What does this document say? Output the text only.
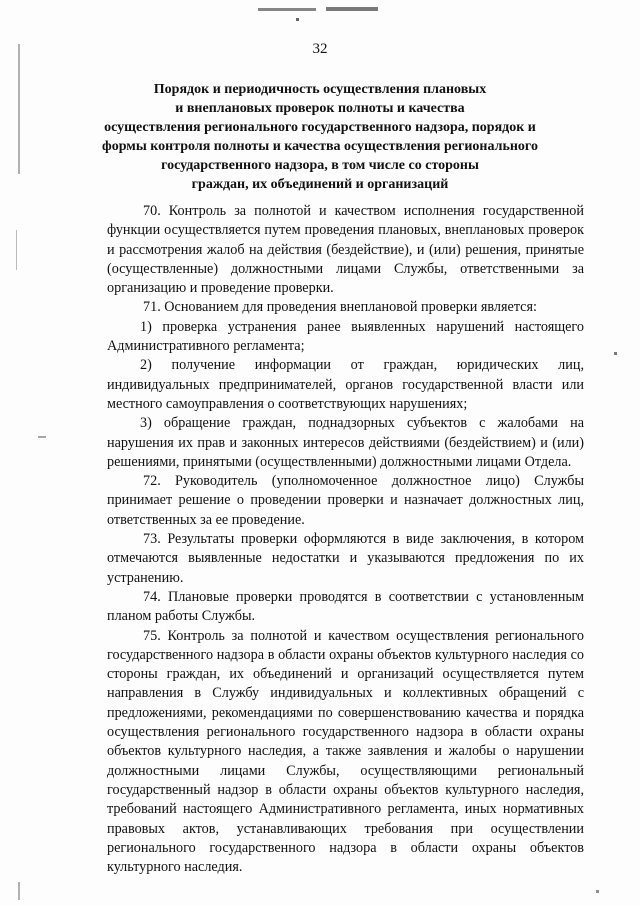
32
Порядок и периодичность осуществления плановых
и внеплановых проверок полноты и качества
осуществления регионального государственного надзора, порядок и
формы контроля полноты и качества осуществления регионального
государственного надзора, в том числе со стороны
граждан, их объединений и организаций

70. Контроль за полнотой и качеством исполнения государственной функции осуществляется путем проведения плановых, внеплановых проверок и рассмотрения жалоб на действия (бездействие), и (или) решения, принятые (осуществленные) должностными лицами Службы, ответственными за организацию и проведение проверки.

71. Основанием для проведения внеплановой проверки является:

1) проверка устранения ранее выявленных нарушений настоящего Административного регламента;

2) получение информации от граждан, юридических лиц, индивидуальных предпринимателей, органов государственной власти или местного самоуправления о соответствующих нарушениях;

3) обращение граждан, поднадзорных субъектов с жалобами на нарушения их прав и законных интересов действиями (бездействием) и (или) решениями, принятыми (осуществленными) должностными лицами Отдела.

72. Руководитель (уполномоченное должностное лицо) Службы принимает решение о проведении проверки и назначает должностных лиц, ответственных за ее проведение.

73. Результаты проверки оформляются в виде заключения, в котором отмечаются выявленные недостатки и указываются предложения по их устранению.

74. Плановые проверки проводятся в соответствии с установленным планом работы Службы.

75. Контроль за полнотой и качеством осуществления регионального государственного надзора в области охраны объектов культурного наследия со стороны граждан, их объединений и организаций осуществляется путем направления в Службу индивидуальных и коллективных обращений с предложениями, рекомендациями по совершенствованию качества и порядка осуществления регионального государственного надзора в области охраны объектов культурного наследия, а также заявления и жалобы о нарушении должностными лицами Службы, осуществляющими региональный государственный надзор в области охраны объектов культурного наследия, требований настоящего Административного регламента, иных нормативных правовых актов, устанавливающих требования при осуществлении регионального государственного надзора в области охраны объектов культурного наследия.
